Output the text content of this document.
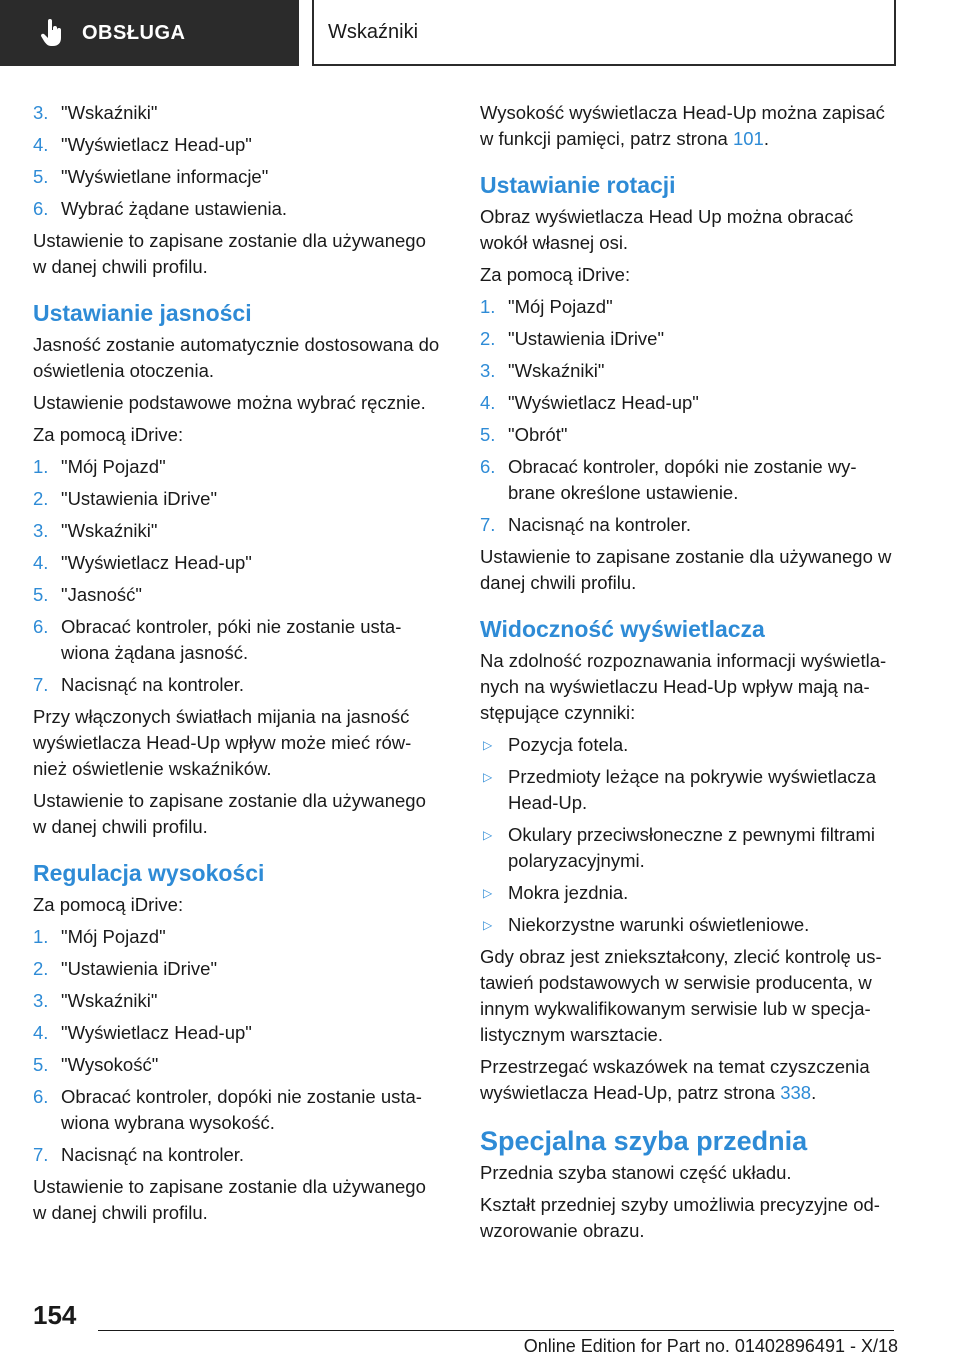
OBSŁUGA	Wskaźniki
3. "Wskaźniki"
4. "Wyświetlacz Head-up"
5. "Wyświetlane informacje"
6. Wybrać żądane ustawienia.

Ustawienie to zapisane zostanie dla używanego w danej chwili profilu.

Ustawianie jasności

Jasność zostanie automatycznie dostosowana do oświetlenia otoczenia.

Ustawienie podstawowe można wybrać ręcznie.

Za pomocą iDrive:

1. "Mój Pojazd"
2. "Ustawienia iDrive"
3. "Wskaźniki"
4. "Wyświetlacz Head-up"
5. "Jasność"
6. Obracać kontroler, póki nie zostanie usta-wiona żądana jasność.
7. Nacisnąć na kontroler.

Przy włączonych światłach mijania na jasność wyświetlacza Head-Up wpływ może mieć rów-nież oświetlenie wskaźników.

Ustawienie to zapisane zostanie dla używanego w danej chwili profilu.

Regulacja wysokości

Za pomocą iDrive:

1. "Mój Pojazd"
2. "Ustawienia iDrive"
3. "Wskaźniki"
4. "Wyświetlacz Head-up"
5. "Wysokość"
6. Obracać kontroler, dopóki nie zostanie usta-wiona wybrana wysokość.
7. Nacisnąć na kontroler.

Ustawienie to zapisane zostanie dla używanego w danej chwili profilu.

Wysokość wyświetlacza Head-Up można zapisać w funkcji pamięci, patrz strona 101.

Ustawianie rotacji

Obraz wyświetlacza Head Up można obracać wokół własnej osi.

Za pomocą iDrive:

1. "Mój Pojazd"
2. "Ustawienia iDrive"
3. "Wskaźniki"
4. "Wyświetlacz Head-up"
5. "Obrót"
6. Obracać kontroler, dopóki nie zostanie wy-brane określone ustawienie.
7. Nacisnąć na kontroler.

Ustawienie to zapisane zostanie dla używanego w danej chwili profilu.

Widoczność wyświetlacza

Na zdolność rozpoznawania informacji wyświetla-nych na wyświetlaczu Head-Up wpływ mają na-stępujące czynniki:

▷ Pozycja fotela.
▷ Przedmioty leżące na pokrywie wyświetlacza Head-Up.
▷ Okulary przeciwsłoneczne z pewnymi filtrami polaryzacyjnymi.
▷ Mokra jezdnia.
▷ Niekorzystne warunki oświetleniowe.

Gdy obraz jest zniekształcony, zlecić kontrolę us-tawień podstawowych w serwisie producenta, w innym wykwalifikowanym serwisie lub w specja-listycznym warsztacie.

Przestrzegać wskazówek na temat czyszczenia wyświetlacza Head-Up, patrz strona 338.

Specjalna szyba przednia

Przednia szyba stanowi część układu.

Kształt przedniej szyby umożliwia precyzyjne od-wzorowanie obrazu.

154
Online Edition for Part no. 01402896491 - X/18
